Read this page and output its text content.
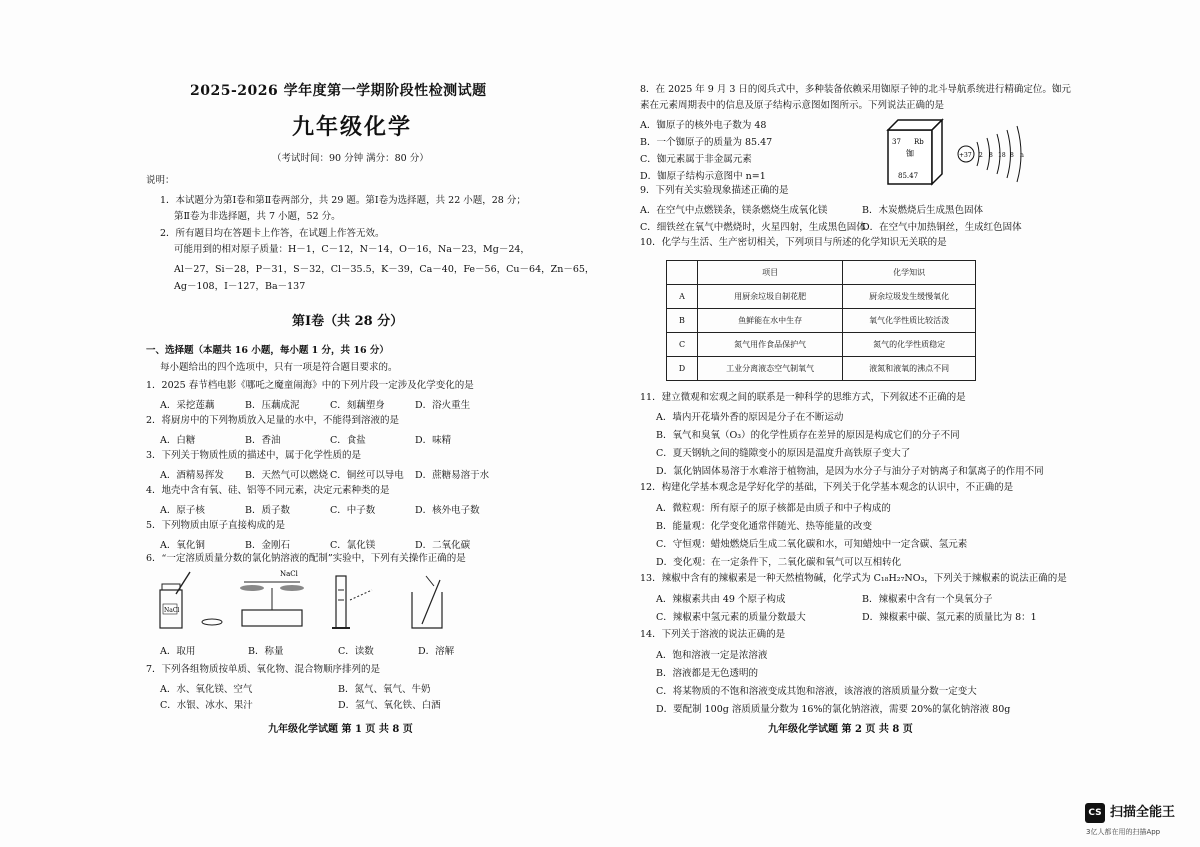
2025-2026 学年度第一学期阶段性检测试题
九年级化学
（考试时间：90 分钟 满分：80 分）
说明：
1．本试题分为第Ⅰ卷和第Ⅱ卷两部分，共 29 题。第Ⅰ卷为选择题，共 22 小题，28 分；
第Ⅱ卷为非选择题，共 7 小题，52 分。
2．所有题目均在答题卡上作答，在试题上作答无效。
可能用到的相对原子质量：H－1，C－12，N－14，O－16，Na－23，Mg－24，
Al－27，Si－28，P－31，S－32，Cl－35.5，K－39，Ca－40，Fe－56，Cu－64，Zn－65，
Ag－108，I－127，Ba－137
第Ⅰ卷（共 28 分）
一、选择题（本题共 16 小题，每小题 1 分，共 16 分）
每小题给出的四个选项中，只有一项是符合题目要求的。
1．2025 春节档电影《哪吒之魔童闹海》中的下列片段一定涉及化学变化的是
A．采挖莲藕	B．压藕成泥	C．刻藕塑身	D．浴火重生
2．将厨房中的下列物质放入足量的水中，不能得到溶液的是
A．白糖	B．香油	C．食盐	D．味精
3．下列关于物质性质的描述中，属于化学性质的是
A．酒精易挥发 B．天然气可以燃烧 C．铜丝可以导电 D．蔗糖易溶于水
4．地壳中含有氧、硅、铝等不同元素，决定元素种类的是
A．原子核	B．质子数	C．中子数	D．核外电子数
5．下列物质由原子直接构成的是
A．氧化铜	B．金刚石	C．氯化镁	D．二氧化碳
6．“一定溶质质量分数的氯化钠溶液的配制”实验中，下列有关操作正确的是
NaCl
NaCl
A．取用	B．称量	C．读数	D．溶解
7．下列各组物质按单质、氧化物、混合物顺序排列的是
A．水、氧化镁、空气	B．氮气、氧气、牛奶
C．水银、冰水、果汁	D．氢气、氧化铁、白酒
九年级化学试题 第 1 页 共 8 页
8．在 2025 年 9 月 3 日的阅兵式中，多种装备依赖采用铷原子钟的北斗导航系统进行精确定位。铷元
素在元素周期表中的信息及原子结构示意图如图所示。下列说法正确的是
A．铷原子的核外电子数为 48
B．一个铷原子的质量为 85.47
C．铷元素属于非金属元素
D．铷原子结构示意图中 n=1
37 Rb
铷
85.47
+37 2 8 18 8 n
9．下列有关实验现象描述正确的是
A．在空气中点燃镁条，镁条燃烧生成氧化镁	B．木炭燃烧后生成黑色固体
C．细铁丝在氧气中燃烧时，火星四射，生成黑色固体
D．在空气中加热铜丝，生成红色固体
10．化学与生活、生产密切相关，下列项目与所述的化学知识无关联的是
	项目	化学知识
A	用厨余垃圾自制花肥	厨余垃圾发生缓慢氧化
B	鱼鲜能在水中生存	氧气化学性质比较活泼
C	氮气用作食品保护气	氮气的化学性质稳定
D	工业分离液态空气制氧气	液氮和液氧的沸点不同
11．建立微观和宏观之间的联系是一种科学的思维方式，下列叙述不正确的是
A．墙内开花墙外香的原因是分子在不断运动
B．氧气和臭氧（O₃）的化学性质存在差异的原因是构成它们的分子不同
C．夏天钢轨之间的缝隙变小的原因是温度升高铁原子变大了
D．氯化钠固体易溶于水难溶于植物油，是因为水分子与油分子对钠离子和氯离子的作用不同
12．构建化学基本观念是学好化学的基础，下列关于化学基本观念的认识中，不正确的是
A．微粒观：所有原子的原子核都是由质子和中子构成的
B．能量观：化学变化通常伴随光、热等能量的改变
C．守恒观：蜡烛燃烧后生成二氧化碳和水，可知蜡烛中一定含碳、氢元素
D．变化观：在一定条件下，二氧化碳和氧气可以互相转化
13．辣椒中含有的辣椒素是一种天然植物碱，化学式为 C₁₈H₂₇NO₃，下列关于辣椒素的说法正确的是
A．辣椒素共由 49 个原子构成	B．辣椒素中含有一个臭氧分子
C．辣椒素中氢元素的质量分数最大	D．辣椒素中碳、氢元素的质量比为 8：1
14．下列关于溶液的说法正确的是
A．饱和溶液一定是浓溶液
B．溶液都是无色透明的
C．将某物质的不饱和溶液变成其饱和溶液，该溶液的溶质质量分数一定变大
D．要配制 100g 溶质质量分数为 16%的氯化钠溶液，需要 20%的氯化钠溶液 80g
九年级化学试题 第 2 页 共 8 页
CS 扫描全能王
3亿人都在用的扫描App
